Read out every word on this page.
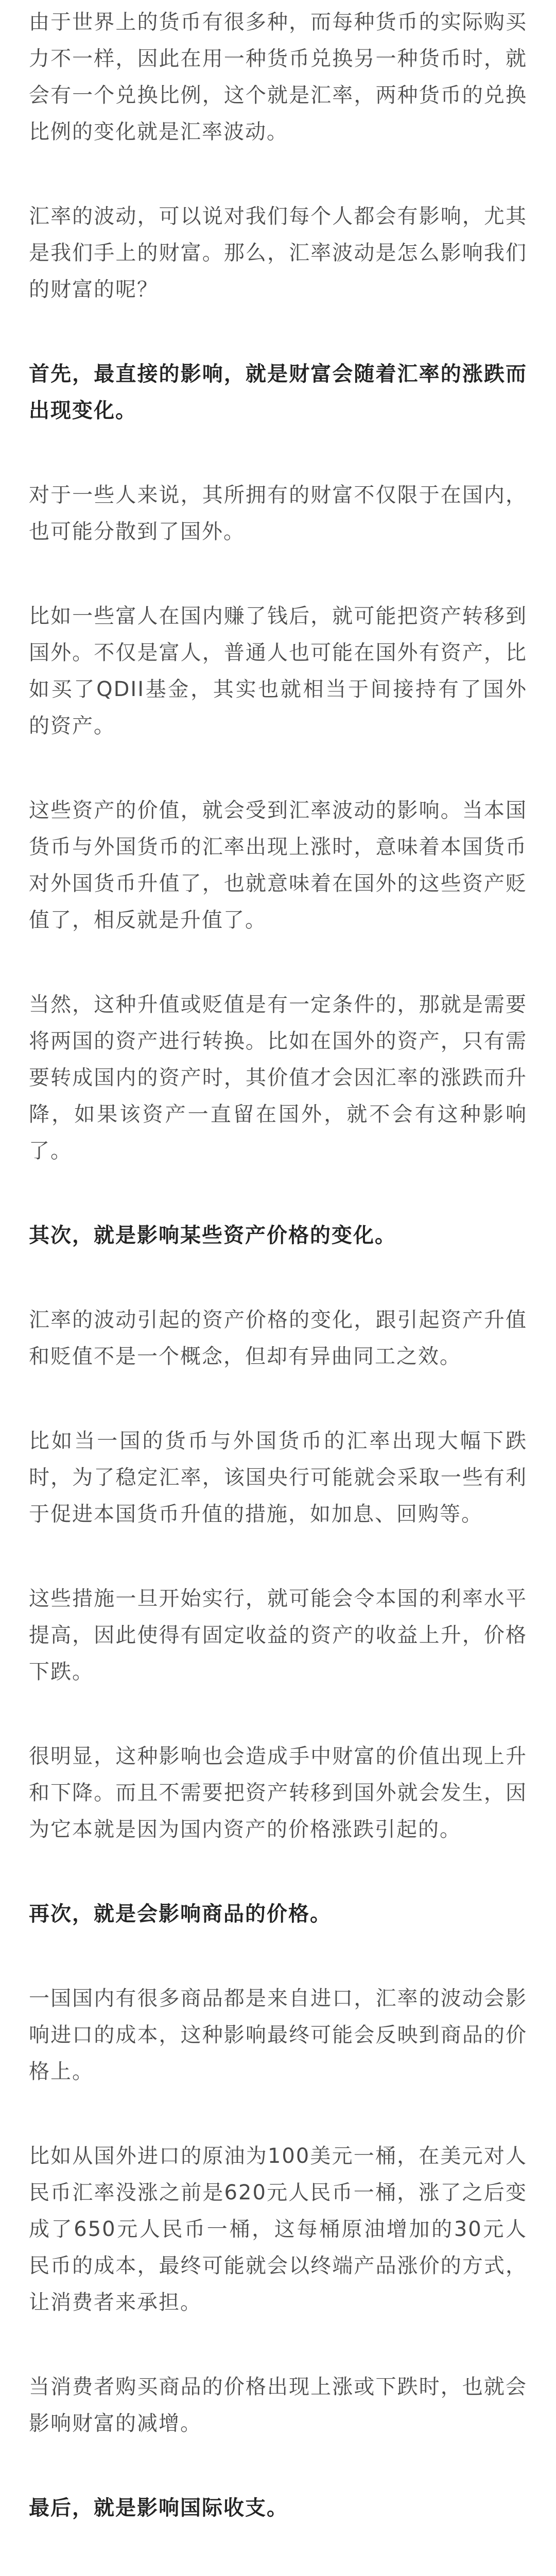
由于世界上的货币有很多种，而每种货币的实际购买力不一样，因此在用一种货币兑换另一种货币时，就会有一个兑换比例，这个就是汇率，两种货币的兑换比例的变化就是汇率波动。

汇率的波动，可以说对我们每个人都会有影响，尤其是我们手上的财富。那么，汇率波动是怎么影响我们的财富的呢？

首先，最直接的影响，就是财富会随着汇率的涨跌而出现变化。

对于一些人来说，其所拥有的财富不仅限于在国内，也可能分散到了国外。

比如一些富人在国内赚了钱后，就可能把资产转移到国外。不仅是富人，普通人也可能在国外有资产，比如买了QDII基金，其实也就相当于间接持有了国外的资产。

这些资产的价值，就会受到汇率波动的影响。当本国货币与外国货币的汇率出现上涨时，意味着本国货币对外国货币升值了，也就意味着在国外的这些资产贬值了，相反就是升值了。

当然，这种升值或贬值是有一定条件的，那就是需要将两国的资产进行转换。比如在国外的资产，只有需要转成国内的资产时，其价值才会因汇率的涨跌而升降，如果该资产一直留在国外，就不会有这种影响了。

其次，就是影响某些资产价格的变化。

汇率的波动引起的资产价格的变化，跟引起资产升值和贬值不是一个概念，但却有异曲同工之效。

比如当一国的货币与外国货币的汇率出现大幅下跌时，为了稳定汇率，该国央行可能就会采取一些有利于促进本国货币升值的措施，如加息、回购等。

这些措施一旦开始实行，就可能会令本国的利率水平提高，因此使得有固定收益的资产的收益上升，价格下跌。

很明显，这种影响也会造成手中财富的价值出现上升和下降。而且不需要把资产转移到国外就会发生，因为它本就是因为国内资产的价格涨跌引起的。

再次，就是会影响商品的价格。

一国国内有很多商品都是来自进口，汇率的波动会影响进口的成本，这种影响最终可能会反映到商品的价格上。

比如从国外进口的原油为100美元一桶，在美元对人民币汇率没涨之前是620元人民币一桶，涨了之后变成了650元人民币一桶，这每桶原油增加的30元人民币的成本，最终可能就会以终端产品涨价的方式，让消费者来承担。

当消费者购买商品的价格出现上涨或下跌时，也就会影响财富的减增。

最后，就是影响国际收支。
